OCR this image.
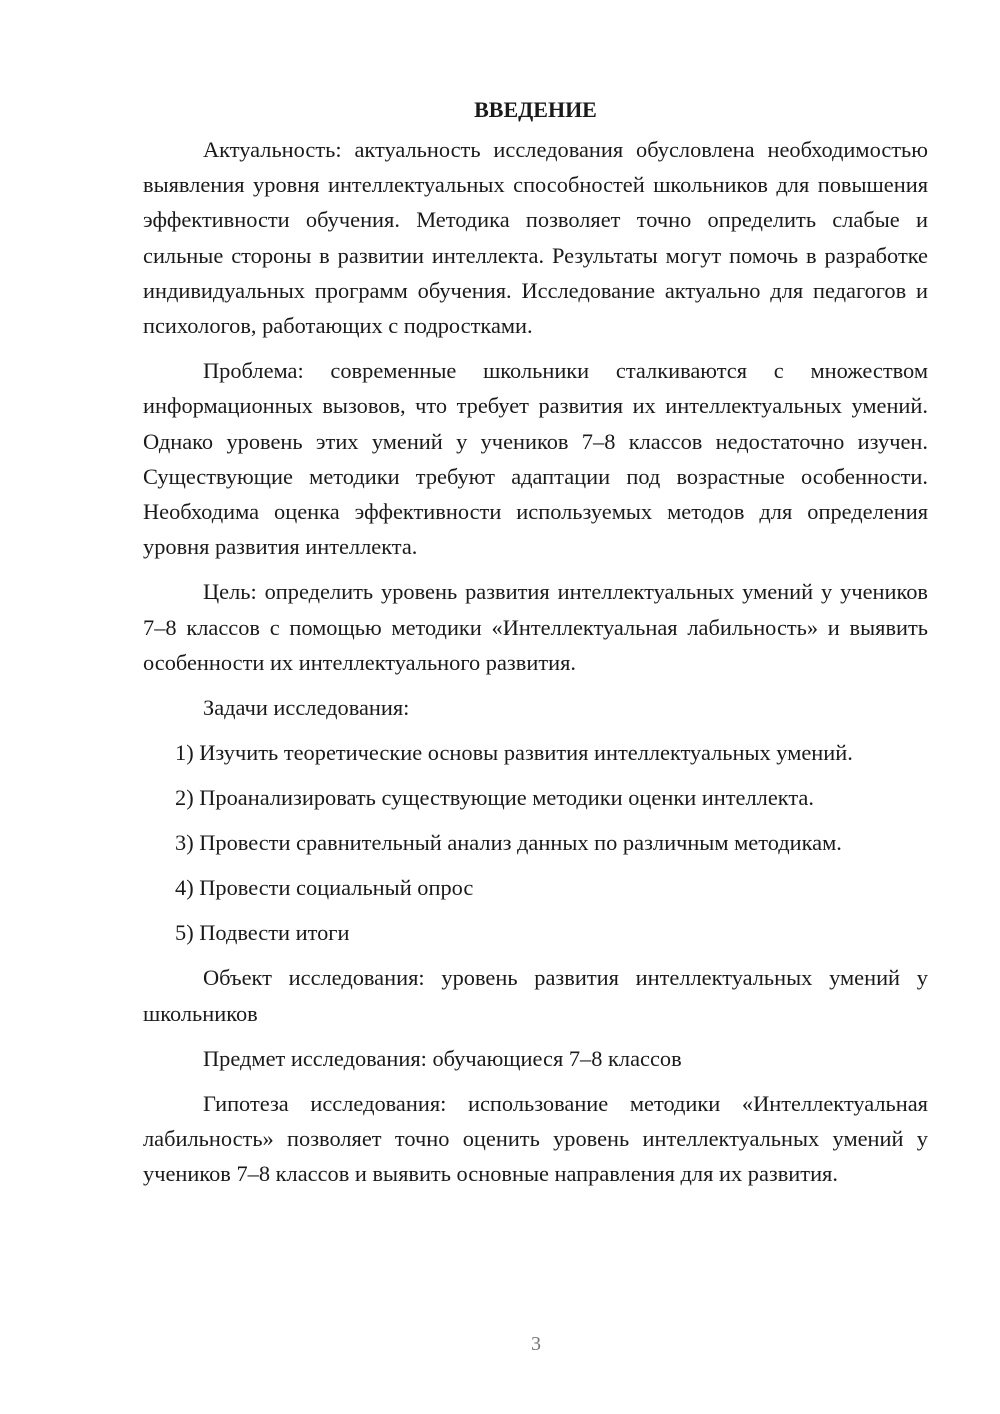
ВВЕДЕНИЕ

Актуальность: актуальность исследования обусловлена необходимостью выявления уровня интеллектуальных способностей школьников для повышения эффективности обучения. Методика позволяет точно определить слабые и сильные стороны в развитии интеллекта. Результаты могут помочь в разработке индивидуальных программ обучения. Исследование актуально для педагогов и психологов, работающих с подростками.

Проблема: современные школьники сталкиваются с множеством информационных вызовов, что требует развития их интеллектуальных умений. Однако уровень этих умений у учеников 7–8 классов недостаточно изучен. Существующие методики требуют адаптации под возрастные особенности. Необходима оценка эффективности используемых методов для определения уровня развития интеллекта.

Цель: определить уровень развития интеллектуальных умений у учеников 7–8 классов с помощью методики «Интеллектуальная лабильность» и выявить особенности их интеллектуального развития.

Задачи исследования:

1) Изучить теоретические основы развития интеллектуальных умений.
2) Проанализировать существующие методики оценки интеллекта.
3) Провести сравнительный анализ данных по различным методикам.
4) Провести социальный опрос
5) Подвести итоги

Объект исследования: уровень развития интеллектуальных умений у школьников

Предмет исследования: обучающиеся 7–8 классов

Гипотеза исследования: использование методики «Интеллектуальная лабильность» позволяет точно оценить уровень интеллектуальных умений у учеников 7–8 классов и выявить основные направления для их развития.

3
